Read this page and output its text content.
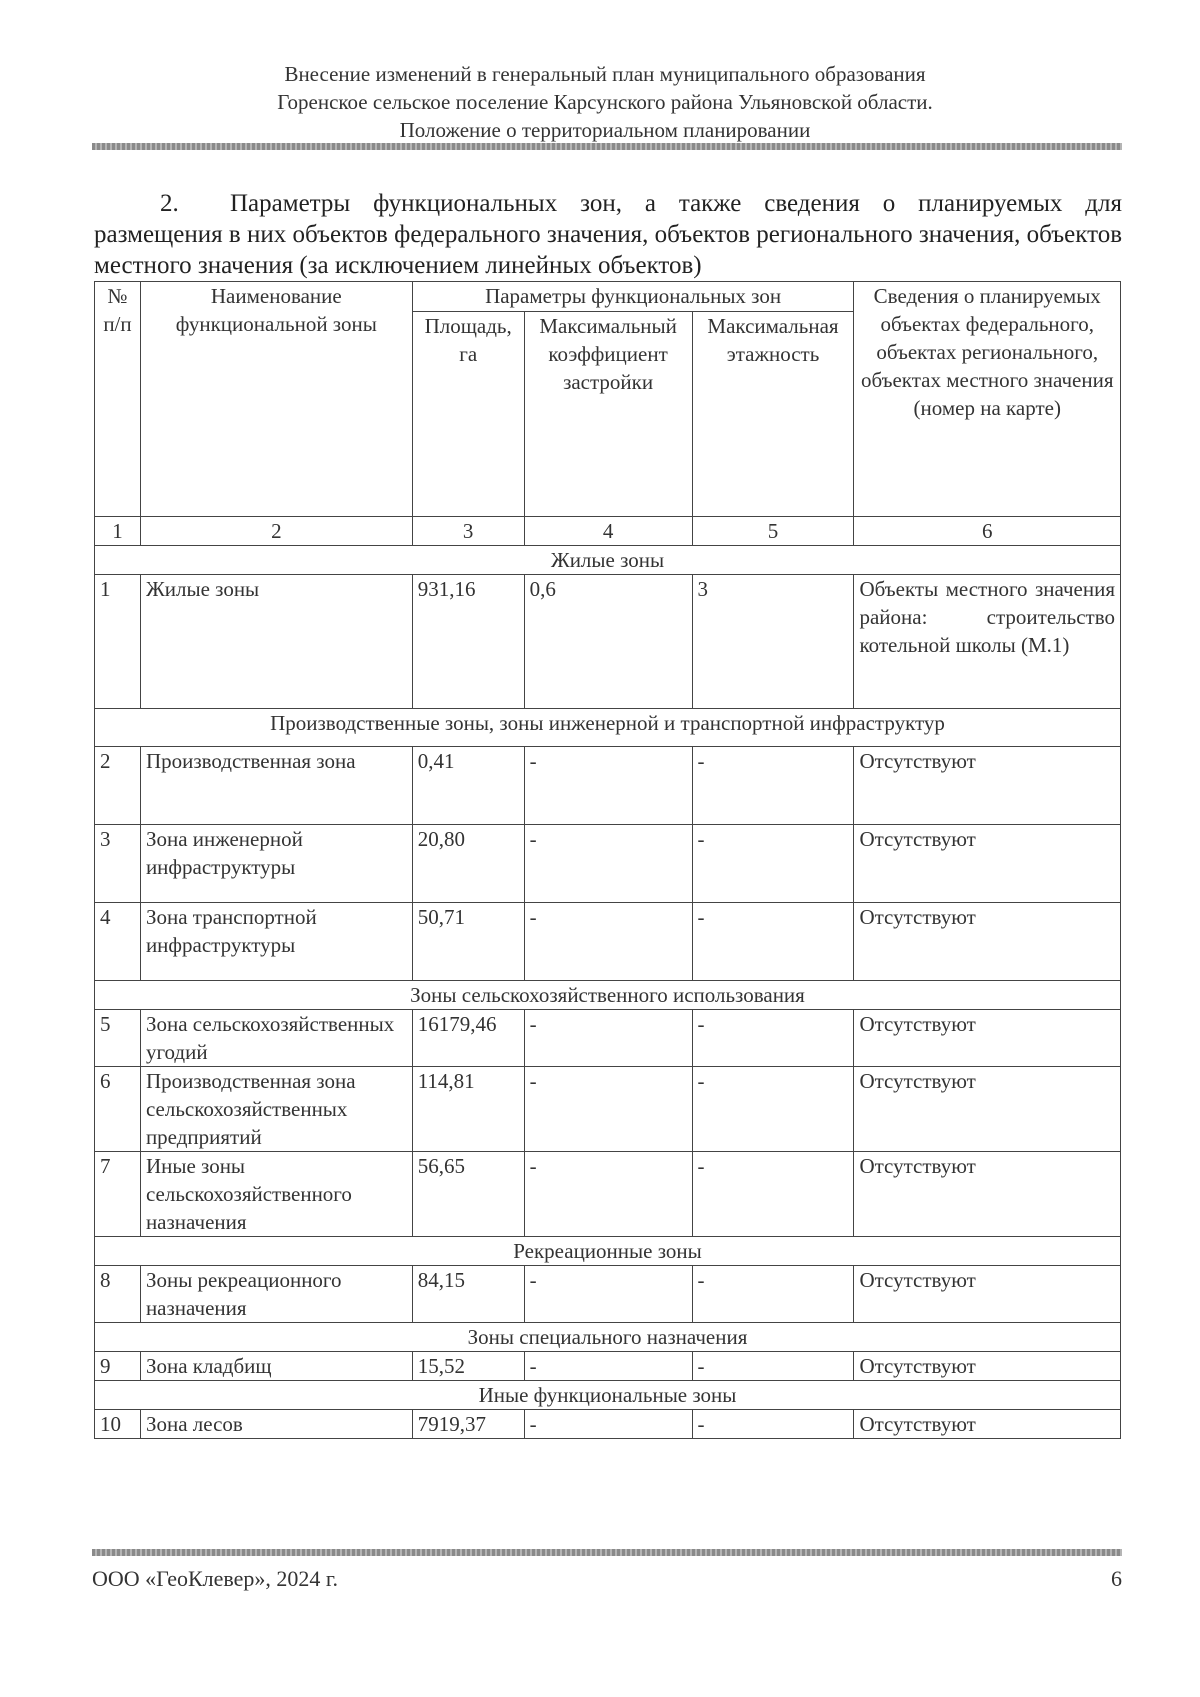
Внесение изменений в генеральный план муниципального образования
Горенское сельское поселение Карсунского района Ульяновской области.
Положение о территориальном планировании
2. Параметры функциональных зон, а также сведения о планируемых для размещения в них объектов федерального значения, объектов регионального значения, объектов местного значения (за исключением линейных объектов)
№ п/п	Наименование функциональной зоны	Параметры функциональных зон			Сведения о планируемых объектах федерального, объектах регионального, объектах местного значения (номер на карте)
		Площадь, га	Максимальный коэффициент застройки	Максимальная этажность	
1	2	3	4	5	6
Жилые зоны					
1	Жилые зоны	931,16	0,6	3	Объекты местного значения района: строительство котельной школы (М.1)
Производственные зоны, зоны инженерной и транспортной инфраструктур					
2	Производственная зона	0,41	-	-	Отсутствуют
3	Зона инженерной инфраструктуры	20,80	-	-	Отсутствуют
4	Зона транспортной инфраструктуры	50,71	-	-	Отсутствуют
Зоны сельскохозяйственного использования					
5	Зона сельскохозяйственных угодий	16179,46	-	-	Отсутствуют
6	Производственная зона сельскохозяйственных предприятий	114,81	-	-	Отсутствуют
7	Иные зоны сельскохозяйственного назначения	56,65	-	-	Отсутствуют
Рекреационные зоны					
8	Зоны рекреационного назначения	84,15	-	-	Отсутствуют
Зоны специального назначения					
9	Зона кладбищ	15,52	-	-	Отсутствуют
Иные функциональные зоны					
10	Зона лесов	7919,37	-	-	Отсутствуют
ООО «ГеоКлевер», 2024 г.	6
